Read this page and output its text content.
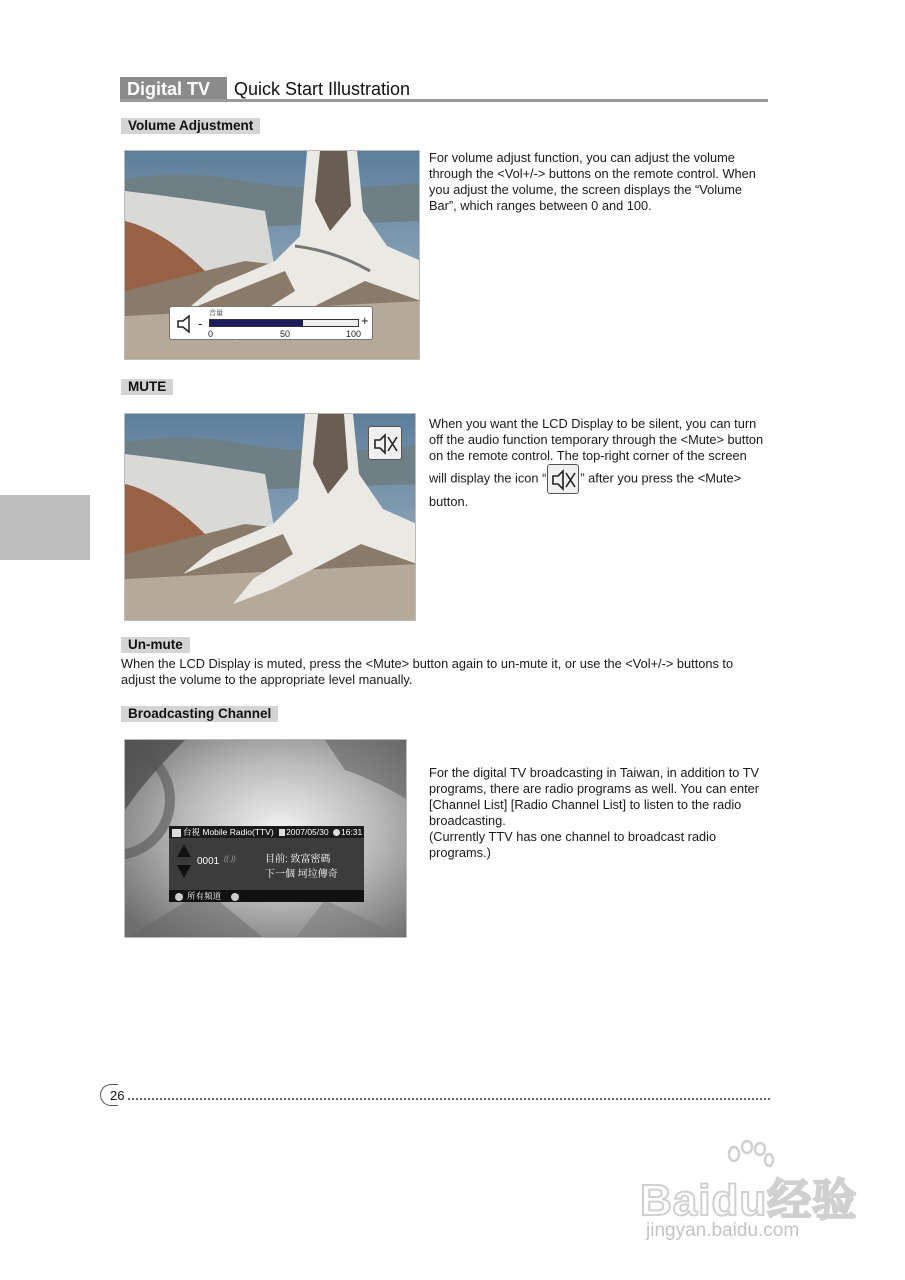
Digital TV	Quick Start Illustration
Volume Adjustment
-
音量	+
0	50	100
For volume adjust function, you can adjust the volume through the <Vol+/-> buttons on the remote control. When you adjust the volume, the screen displays the “Volume Bar”, which ranges between 0 and 100.
MUTE
When you want the LCD Display to be silent, you can turn off the audio function temporary through the <Mute> button on the remote control. The top-right corner of the screen will display the icon “	” after you press the <Mute> button.
Un-mute
When the LCD Display is muted, press the <Mute> button again to un-mute it, or use the <Vol+/-> buttons to adjust the volume to the appropriate level manually.
Broadcasting Channel
台視 Mobile Radio(TTV) 2007/05/30 16:31
0001 ((·))	目前: 致富密碼
下一個 坷垃傳奇
所有頻道
For the digital TV broadcasting in Taiwan, in addition to TV programs, there are radio programs as well. You can enter [Channel List] [Radio Channel List] to listen to the radio broadcasting.
(Currently TTV has one channel to broadcast radio programs.)
26
Baidu经验
jingyan.baidu.com
